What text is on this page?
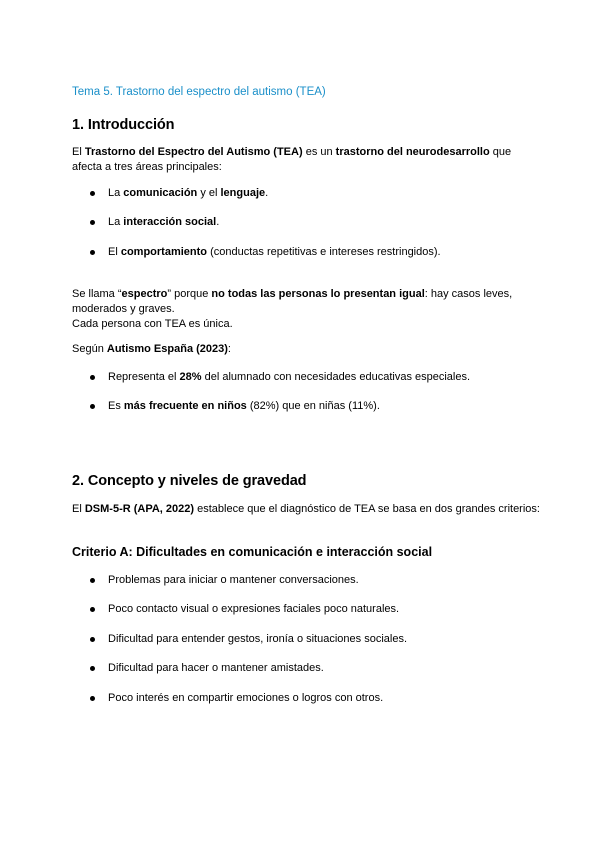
Tema 5. Trastorno del espectro del autismo (TEA)
1. Introducción
El Trastorno del Espectro del Autismo (TEA) es un trastorno del neurodesarrollo que afecta a tres áreas principales:
La comunicación y el lenguaje.
La interacción social.
El comportamiento (conductas repetitivas e intereses restringidos).
Se llama “espectro” porque no todas las personas lo presentan igual: hay casos leves, moderados y graves.
Cada persona con TEA es única.
Según Autismo España (2023):
Representa el 28% del alumnado con necesidades educativas especiales.
Es más frecuente en niños (82%) que en niñas (11%).
2. Concepto y niveles de gravedad
El DSM-5-R (APA, 2022) establece que el diagnóstico de TEA se basa en dos grandes criterios:
Criterio A: Dificultades en comunicación e interacción social
Problemas para iniciar o mantener conversaciones.
Poco contacto visual o expresiones faciales poco naturales.
Dificultad para entender gestos, ironía o situaciones sociales.
Dificultad para hacer o mantener amistades.
Poco interés en compartir emociones o logros con otros.
